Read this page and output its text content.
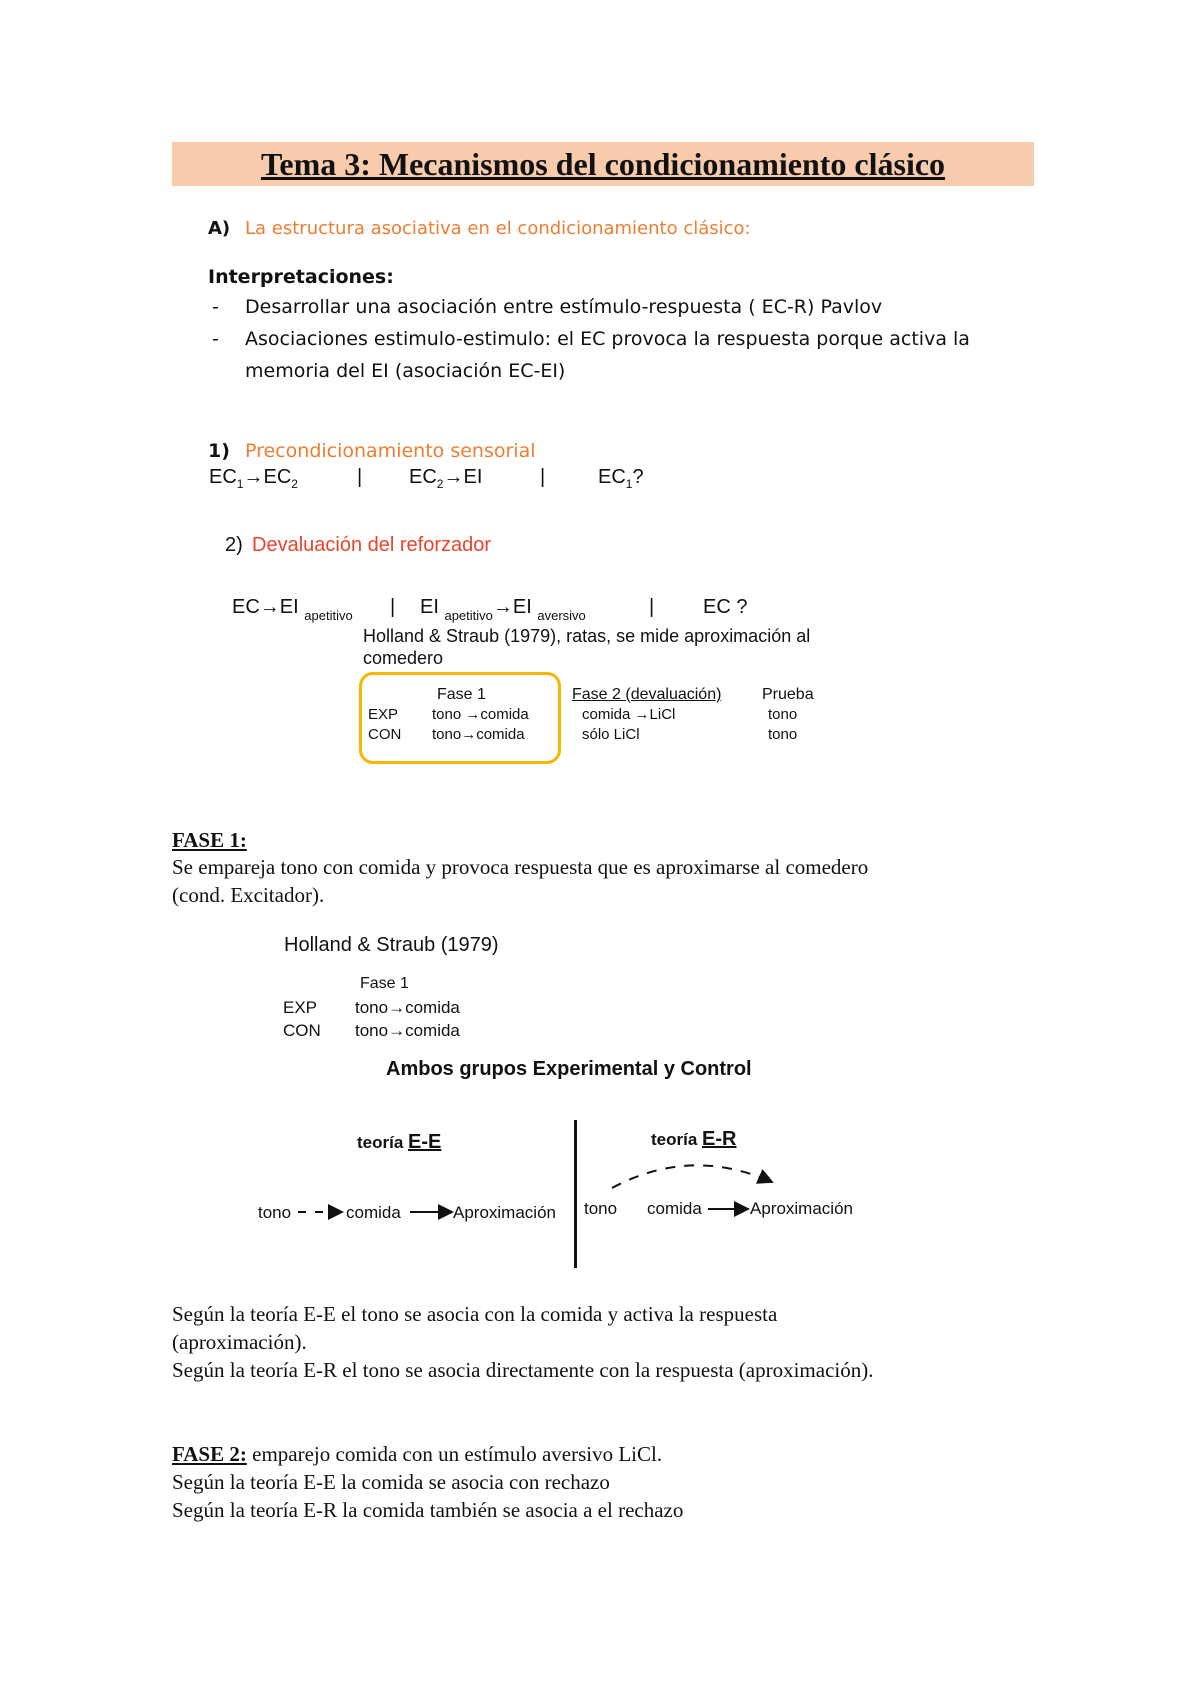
Tema 3: Mecanismos del condicionamiento clásico
A) La estructura asociativa en el condicionamiento clásico:
Interpretaciones:
- Desarrollar una asociación entre estímulo-respuesta ( EC-R) Pavlov
- Asociaciones estimulo-estimulo: el EC provoca la respuesta porque activa la
memoria del EI (asociación EC-EI)
1) Precondicionamiento sensorial
$EC_1\to EC_2$	| $EC_2\to EI$	|	$EC_1$?
2) Devaluación del reforzador
EC→EI $_{apetitivo}$ | EI $_{apetitivo}$→EI $_{aversivo}$	| EC ?
Holland & Straub (1979), ratas, se mide aproximación al
comedero
Fase 1	Fase 2 (devaluación)	Prueba
EXP tono →comida	comida →LiCl	tono
CON tono→comida	sólo LiCl	tono
FASE 1:
Se empareja tono con comida y provoca respuesta que es aproximarse al comedero
(cond. Excitador).
Holland & Straub (1979)
Fase 1
EXP tono→comida
CON tono→comida
Ambos grupos Experimental y Control
teoría E-E
tono	comida	Aproximación
teoría E-R
tono comida	Aproximación
Según la teoría E-E el tono se asocia con la comida y activa la respuesta
(aproximación).
Según la teoría E-R el tono se asocia directamente con la respuesta (aproximación).
FASE 2: emparejo comida con un estímulo aversivo LiCl.
Según la teoría E-E la comida se asocia con rechazo
Según la teoría E-R la comida también se asocia a el rechazo
